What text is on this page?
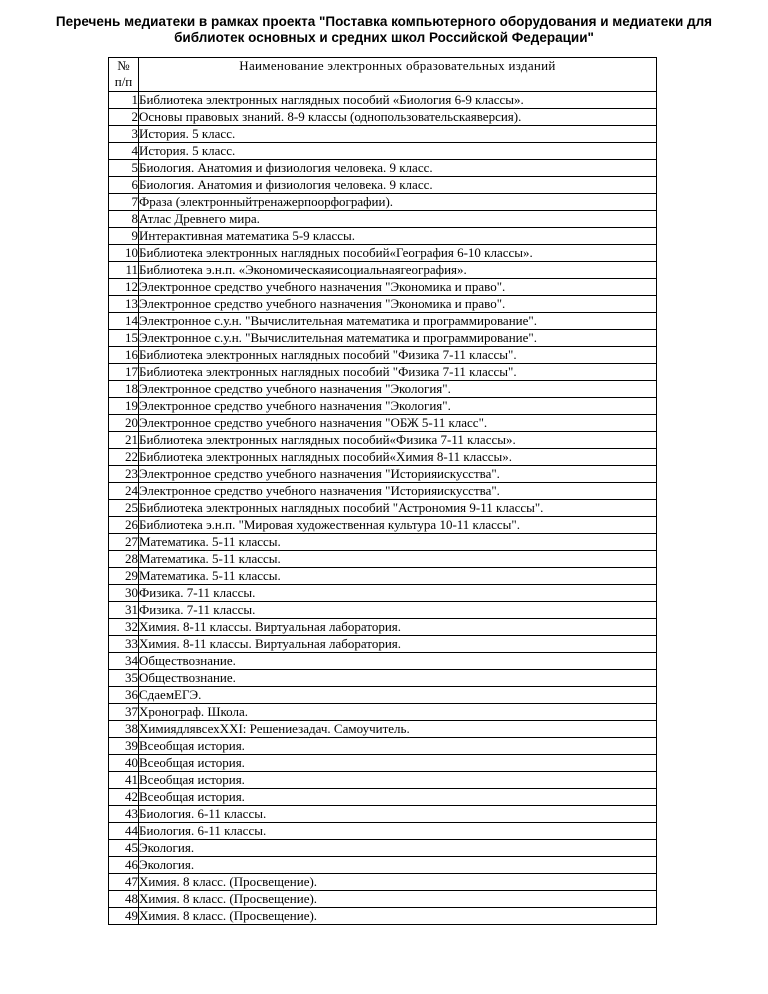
Перечень медиатеки в рамках проекта "Поставка компьютерного оборудования и медиатеки для
библиотек основных и средних школ Российской Федерации"
№
п/п	Наименование электронных образовательных изданий
1	Библиотека электронных наглядных пособий «Биология 6-9 классы».
2	Основы правовых знаний. 8-9 классы (однопользовательскаяверсия).
3	История. 5 класс.
4	История. 5 класс.
5	Биология. Анатомия и физиология человека. 9 класс.
6	Биология. Анатомия и физиология человека. 9 класс.
7	Фраза (электронныйтренажерпоорфографии).
8	Атлас Древнего мира.
9	Интерактивная математика 5-9 классы.
10	Библиотека электронных наглядных пособий«География 6-10 классы».
11	Библиотека э.н.п. «Экономическаяисоциальнаягеография».
12	Электронное средство учебного назначения "Экономика и право".
13	Электронное средство учебного назначения "Экономика и право".
14	Электронное с.у.н. "Вычислительная математика и программирование".
15	Электронное с.у.н. "Вычислительная математика и программирование".
16	Библиотека электронных наглядных пособий "Физика 7-11 классы".
17	Библиотека электронных наглядных пособий "Физика 7-11 классы".
18	Электронное средство учебного назначения "Экология".
19	Электронное средство учебного назначения "Экология".
20	Электронное средство учебного назначения "ОБЖ 5-11 класс".
21	Библиотека электронных наглядных пособий«Физика 7-11 классы».
22	Библиотека электронных наглядных пособий«Химия 8-11 классы».
23	Электронное средство учебного назначения "Историяискусства".
24	Электронное средство учебного назначения "Историяискусства".
25	Библиотека электронных наглядных пособий "Астрономия 9-11 классы".
26	Библиотека э.н.п. "Мировая художественная культура 10-11 классы".
27	Математика. 5-11 классы.
28	Математика. 5-11 классы.
29	Математика. 5-11 классы.
30	Физика. 7-11 классы.
31	Физика. 7-11 классы.
32	Химия. 8-11 классы. Виртуальная лаборатория.
33	Химия. 8-11 классы. Виртуальная лаборатория.
34	Обществознание.
35	Обществознание.
36	СдаемЕГЭ.
37	Хронограф. Школа.
38	ХимиядлявсехXXI: Решениезадач. Самоучитель.
39	Всеобщая история.
40	Всеобщая история.
41	Всеобщая история.
42	Всеобщая история.
43	Биология. 6-11 классы.
44	Биология. 6-11 классы.
45	Экология.
46	Экология.
47	Химия. 8 класс. (Просвещение).
48	Химия. 8 класс. (Просвещение).
49	Химия. 8 класс. (Просвещение).
